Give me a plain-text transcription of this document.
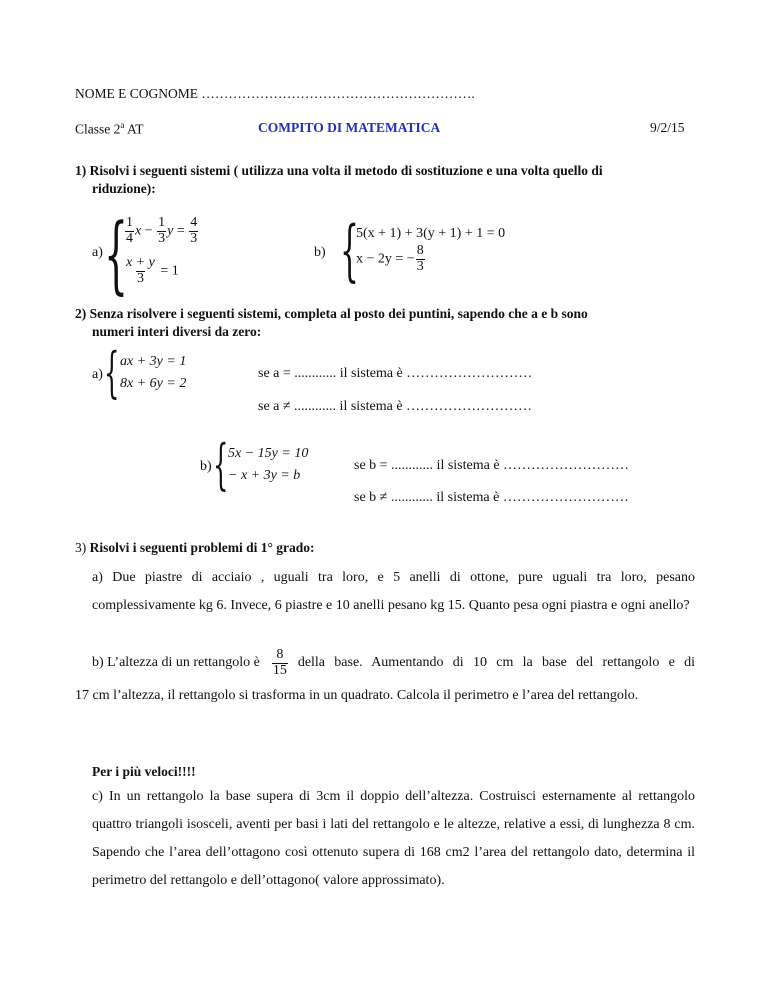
NOME E COGNOME …………………………………………………….
Classe 2$^a$ AT	COMPITO DI MATEMATICA	9/2/15
1) Risolvi i seguenti sistemi ( utilizza una volta il metodo di sostituzione e una volta quello di
riduzione):
a) {
$\frac{1}{4}$ $x - \frac{1}{3}$ $y = \frac{4}{3}$
$\frac{x + y}{3} = 1$
b) {
5(x + 1) + 3(y + 1) + 1 = 0
x − 2y = − $\frac{8}{3}$
2) Senza risolvere i seguenti sistemi, completa al posto dei puntini, sapendo che a e b sono
numeri interi diversi da zero:
a) { ax + 3y = 1
8x + 6y = 2
se a = ............ il sistema è ………………………
se a ≠ ............ il sistema è ………………………
b) { 5x − 15y = 10
− x + 3y = b
se b = ............ il sistema è ………………………
se b ≠ ............ il sistema è ………………………
3) Risolvi i seguenti problemi di 1° grado:
a) Due piastre di acciaio , uguali tra loro, e 5 anelli di ottone, pure uguali tra loro, pesano complessivamente kg 6. Invece, 6 piastre e 10 anelli pesano kg 15. Quanto pesa ogni piastra e ogni anello?
b) L’altezza di un rettangolo è $\frac{8}{15}$ della base. Aumentando di 10 cm la base del rettangolo e di
17 cm l’altezza, il rettangolo si trasforma in un quadrato. Calcola il perimetro e l’area del rettangolo.
Per i più veloci!!!!
c) In un rettangolo la base supera di 3cm il doppio dell’altezza. Costruisci esternamente al rettangolo quattro triangoli isosceli, aventi per basi i lati del rettangolo e le altezze, relative a essi, di lunghezza 8 cm. Sapendo che l’area dell’ottagono così ottenuto supera di 168 cm2 l’area del rettangolo dato, determina il perimetro del rettangolo e dell’ottagono( valore approssimato).
